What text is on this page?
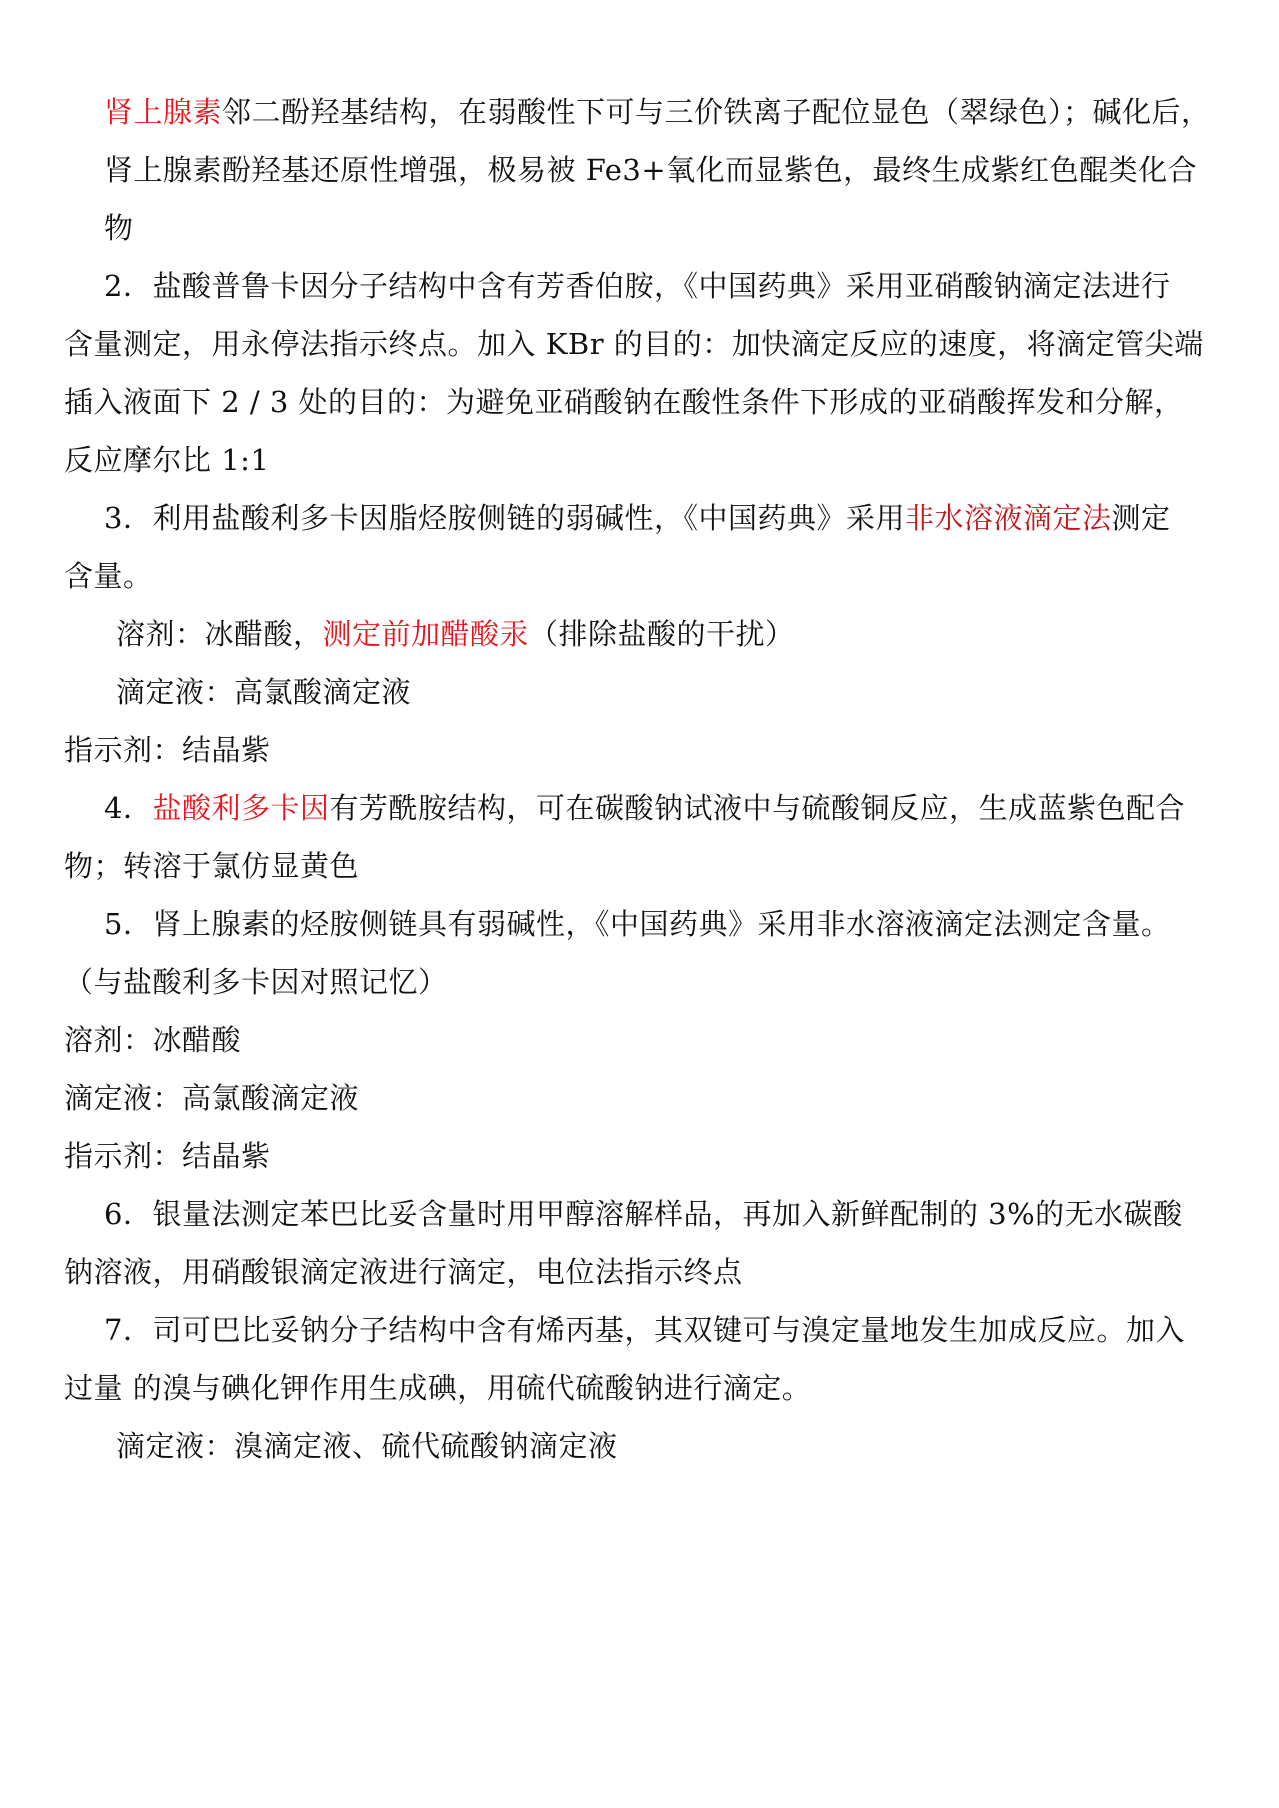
肾上腺素邻二酚羟基结构，在弱酸性下可与三价铁离子配位显色（翠绿色）；碱化后，
肾上腺素酚羟基还原性增强，极易被 Fe3+氧化而显紫色，最终生成紫红色醌类化合
物
2．盐酸普鲁卡因分子结构中含有芳香伯胺，《中国药典》采用亚硝酸钠滴定法进行
含量测定，用永停法指示终点。加入 KBr 的目的：加快滴定反应的速度，将滴定管尖端
插入液面下 2 / 3 处的目的：为避免亚硝酸钠在酸性条件下形成的亚硝酸挥发和分解，
反应摩尔比 1:1
3．利用盐酸利多卡因脂烃胺侧链的弱碱性，《中国药典》采用非水溶液滴定法测定
含量。
溶剂：冰醋酸，测定前加醋酸汞（排除盐酸的干扰）
滴定液：高氯酸滴定液
指示剂：结晶紫
4．盐酸利多卡因有芳酰胺结构，可在碳酸钠试液中与硫酸铜反应，生成蓝紫色配合
物；转溶于氯仿显黄色
5．肾上腺素的烃胺侧链具有弱碱性，《中国药典》采用非水溶液滴定法测定含量。
（与盐酸利多卡因对照记忆）
溶剂：冰醋酸
滴定液：高氯酸滴定液
指示剂：结晶紫
6．银量法测定苯巴比妥含量时用甲醇溶解样品，再加入新鲜配制的 3%的无水碳酸
钠溶液，用硝酸银滴定液进行滴定，电位法指示终点
7．司可巴比妥钠分子结构中含有烯丙基，其双键可与溴定量地发生加成反应。加入
过量 的溴与碘化钾作用生成碘，用硫代硫酸钠进行滴定。
滴定液：溴滴定液、硫代硫酸钠滴定液
